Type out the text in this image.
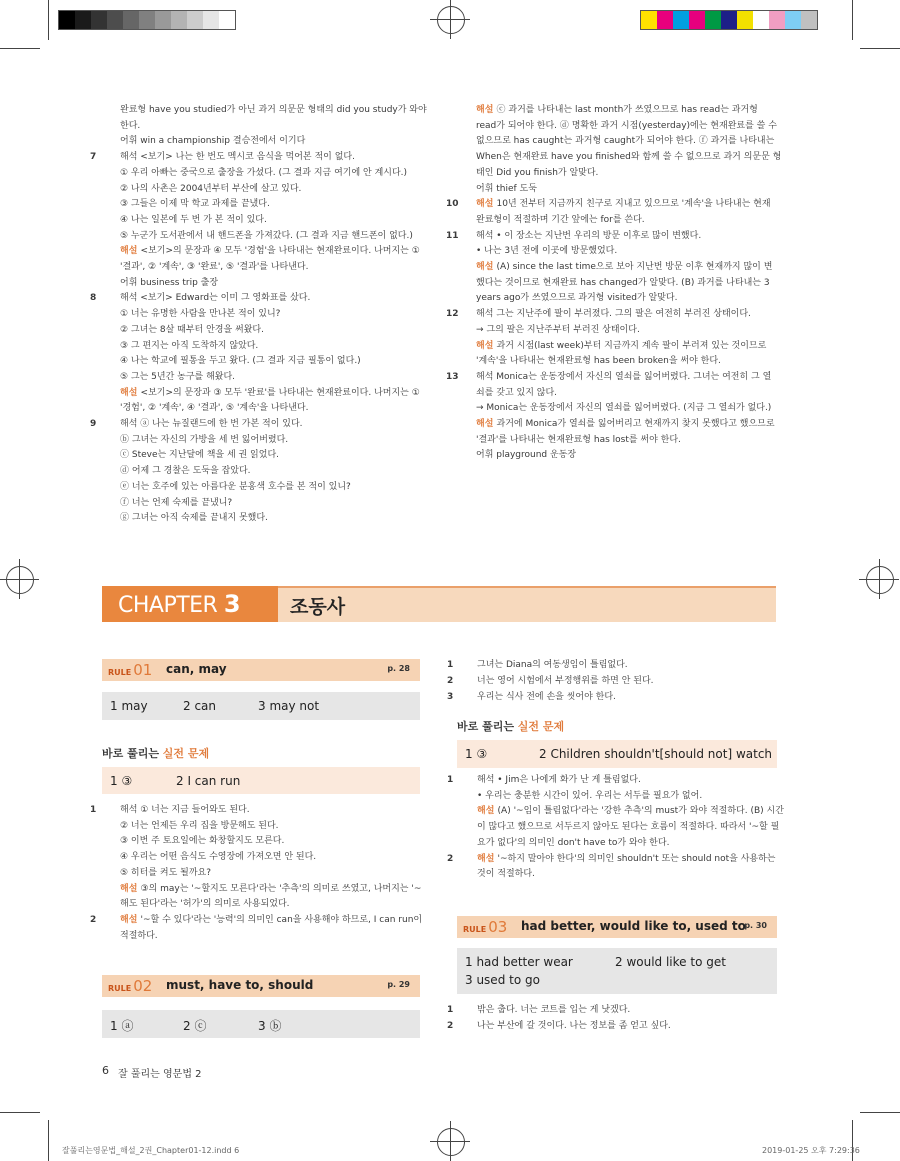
완료형 have you studied가 아닌 과거 의문문 형태의 did you study가 와야
한다.
어휘 win a championship 결승전에서 이기다
7	해석 <보기> 나는 한 번도 멕시코 음식을 먹어본 적이 없다.
① 우리 아빠는 중국으로 출장을 가셨다. (그 결과 지금 여기에 안 계시다.)
② 나의 사촌은 2004년부터 부산에 살고 있다.
③ 그들은 이제 막 학교 과제를 끝냈다.
④ 나는 일본에 두 번 가 본 적이 있다.
⑤ 누군가 도서관에서 내 핸드폰을 가져갔다. (그 결과 지금 핸드폰이 없다.)
해설 <보기>의 문장과 ④ 모두 '경험'을 나타내는 현재완료이다. 나머지는 ①
'결과', ② '계속', ③ '완료', ⑤ '결과'를 나타낸다.
어휘 business trip 출장
8	해석 <보기> Edward는 이미 그 영화표를 샀다.
① 너는 유명한 사람을 만나본 적이 있니?
② 그녀는 8살 때부터 안경을 써왔다.
③ 그 편지는 아직 도착하지 않았다.
④ 나는 학교에 필통을 두고 왔다. (그 결과 지금 필통이 없다.)
⑤ 그는 5년간 농구를 해왔다.
해설 <보기>의 문장과 ③ 모두 '완료'를 나타내는 현재완료이다. 나머지는 ①
'경험', ② '계속', ④ '결과', ⑤ '계속'을 나타낸다.
9	해석 ⓐ 나는 뉴질랜드에 한 번 가본 적이 있다.
ⓑ 그녀는 자신의 가방을 세 번 잃어버렸다.
ⓒ Steve는 지난달에 책을 세 권 읽었다.
ⓓ 어제 그 경찰은 도둑을 잡았다.
ⓔ 너는 호주에 있는 아름다운 분홍색 호수를 본 적이 있니?
ⓕ 너는 언제 숙제를 끝냈니?
ⓖ 그녀는 아직 숙제를 끝내지 못했다.
해설 ⓒ 과거를 나타내는 last month가 쓰였으므로 has read는 과거형
read가 되어야 한다. ⓓ 명확한 과거 시점(yesterday)에는 현재완료를 쓸 수
없으므로 has caught는 과거형 caught가 되어야 한다. ⓕ 과거를 나타내는
When은 현재완료 have you finished와 함께 쓸 수 없으므로 과거 의문문 형
태인 Did you finish가 알맞다.
어휘 thief 도둑
10 해설 10년 전부터 지금까지 친구로 지내고 있으므로 '계속'을 나타내는 현재
완료형이 적절하며 기간 앞에는 for를 쓴다.
11 해석 • 이 장소는 지난번 우리의 방문 이후로 많이 변했다.
• 나는 3년 전에 이곳에 방문했었다.
해설 (A) since the last time으로 보아 지난번 방문 이후 현재까지 많이 변
했다는 것이므로 현재완료 has changed가 알맞다. (B) 과거를 나타내는 3
years ago가 쓰였으므로 과거형 visited가 알맞다.
12 해석 그는 지난주에 팔이 부러졌다. 그의 팔은 여전히 부러진 상태이다.
→ 그의 팔은 지난주부터 부러진 상태이다.
해설 과거 시점(last week)부터 지금까지 계속 팔이 부러져 있는 것이므로
'계속'을 나타내는 현재완료형 has been broken을 써야 한다.
13 해석 Monica는 운동장에서 자신의 열쇠를 잃어버렸다. 그녀는 여전히 그 열
쇠를 갖고 있지 않다.
→ Monica는 운동장에서 자신의 열쇠를 잃어버렸다. (지금 그 열쇠가 없다.)
해설 과거에 Monica가 열쇠를 잃어버리고 현재까지 찾지 못했다고 했으므로
'결과'를 나타내는 현재완료형 has lost를 써야 한다.
어휘 playground 운동장
CHAPTER 3	조동사
RULE 01	can, may	p. 28
1 may	2 can	3 may not
바로 풀리는 실전 문제
1 ③	2 I can run
1	해석 ① 너는 지금 들어와도 된다.
② 너는 언제든 우리 집을 방문해도 된다.
③ 이번 주 토요일에는 화창할지도 모른다.
④ 우리는 어떤 음식도 수영장에 가져오면 안 된다.
⑤ 히터를 켜도 될까요?
해설 ③의 may는 '~할지도 모른다'라는 '추측'의 의미로 쓰였고, 나머지는 '~
해도 된다'라는 '허가'의 의미로 사용되었다.
2	해설 '~할 수 있다'라는 '능력'의 의미인 can을 사용해야 하므로, I can run이
적절하다.
RULE 02	must, have to, should	p. 29
1 ⓐ	2 ⓒ	3 ⓑ
1	그녀는 Diana의 여동생임이 틀림없다.
2	너는 영어 시험에서 부정행위를 하면 안 된다.
3	우리는 식사 전에 손을 씻어야 한다.
바로 풀리는 실전 문제
1 ③	2 Children shouldn't[should not] watch
1	해석 • Jim은 나에게 화가 난 게 틀림없다.
• 우리는 충분한 시간이 있어. 우리는 서두를 필요가 없어.
해설 (A) '~임이 틀림없다'라는 '강한 추측'의 must가 와야 적절하다. (B) 시간
이 많다고 했으므로 서두르지 않아도 된다는 흐름이 적절하다. 따라서 '~할 필
요가 없다'의 의미인 don't have to가 와야 한다.
2	해설 '~하지 말아야 한다'의 의미인 shouldn't 또는 should not을 사용하는
것이 적절하다.
RULE 03	had better, would like to, used to
p. 30
1 had better wear	2 would like to get
3 used to go
1	밖은 춥다. 너는 코트를 입는 게 낫겠다.
2	나는 부산에 갈 것이다. 나는 정보를 좀 얻고 싶다.
6 잘 풀리는 영문법 2
잘풀리는영문법_해설_2권_Chapter01-12.indd 6	2019-01-25 오후 7:29:36
